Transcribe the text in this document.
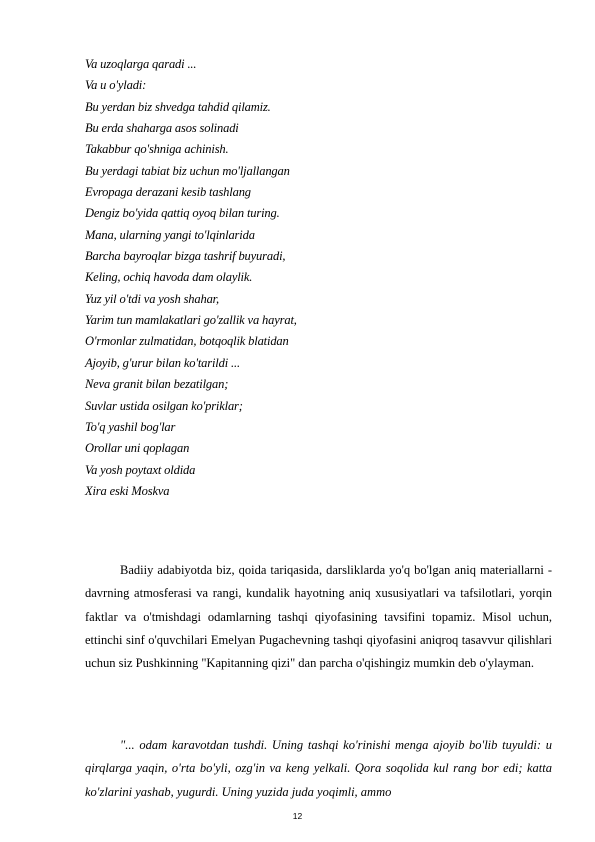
Va uzoqlarga qaradi ...
Va u o'yladi:
Bu yerdan biz shvedga tahdid qilamiz.
Bu erda shaharga asos solinadi
Takabbur qo'shniga achinish.
Bu yerdagi tabiat biz uchun mo'ljallangan
Evropaga derazani kesib tashlang
Dengiz bo'yida qattiq oyoq bilan turing.
Mana, ularning yangi to'lqinlarida
Barcha bayroqlar bizga tashrif buyuradi,
Keling, ochiq havoda dam olaylik.
Yuz yil o'tdi va yosh shahar,
Yarim tun mamlakatlari go'zallik va hayrat,
O'rmonlar zulmatidan, botqoqlik blatidan
Ajoyib, g'urur bilan ko'tarildi ...
Neva granit bilan bezatilgan;
Suvlar ustida osilgan ko'priklar;
To'q yashil bog'lar
Orollar uni qoplagan
Va yosh poytaxt oldida
Xira eski Moskva

Badiiy adabiyotda biz, qoida tariqasida, darsliklarda yo'q bo'lgan aniq materiallarni - davrning atmosferasi va rangi, kundalik hayotning aniq xususiyatlari va tafsilotlari, yorqin faktlar va o'tmishdagi odamlarning tashqi qiyofasining tavsifini topamiz. Misol uchun, ettinchi sinf o'quvchilari Emelyan Pugachevning tashqi qiyofasini aniqroq tasavvur qilishlari uchun siz Pushkinning "Kapitanning qizi" dan parcha o'qishingiz mumkin deb o'ylayman.

"... odam karavotdan tushdi. Uning tashqi ko'rinishi menga ajoyib bo'lib tuyuldi: u qirqlarga yaqin, o'rta bo'yli, ozg'in va keng yelkali. Qora soqolida kul rang bor edi; katta ko'zlarini yashab, yugurdi. Uning yuzida juda yoqimli, ammo

12
